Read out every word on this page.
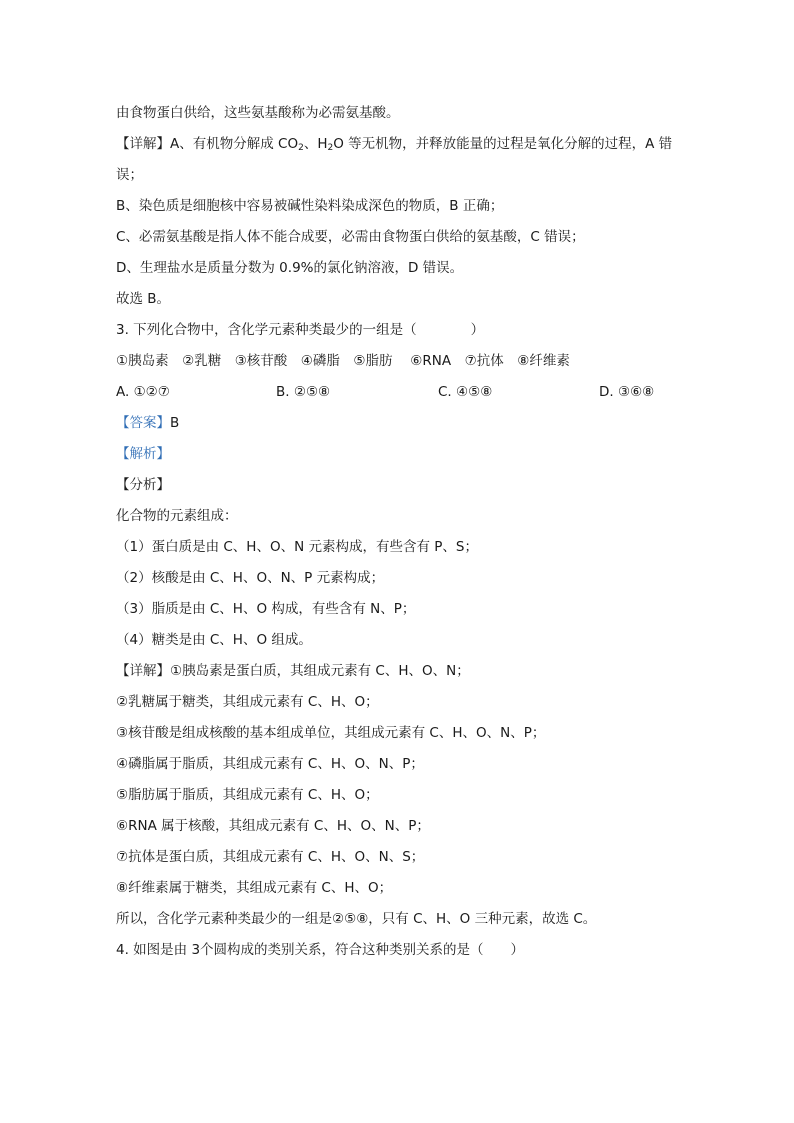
由食物蛋白供给，这些氨基酸称为必需氨基酸。
【详解】A、有机物分解成 $CO_2$、$H_2O$ 等无机物，并释放能量的过程是氧化分解的过程，A 错
误；
B、染色质是细胞核中容易被碱性染料染成深色的物质，B 正确；
C、必需氨基酸是指人体不能合成要，必需由食物蛋白供给的氨基酸，C 错误；
D、生理盐水是质量分数为 0.9%的氯化钠溶液，D 错误。
故选 B。
3. 下列化合物中，含化学元素种类最少的一组是（　　　　）
①胰岛素　②乳糖　③核苷酸　④磷脂　⑤脂肪　 ⑥RNA　⑦抗体　⑧纤维素
A. ①②⑦	B. ②⑤⑧	C. ④⑤⑧	D. ③⑥⑧
【答案】B
【解析】
【分析】
化合物的元素组成：
（1）蛋白质是由 C、H、O、N 元素构成，有些含有 P、S；
（2）核酸是由 C、H、O、N、P 元素构成；
（3）脂质是由 C、H、O 构成，有些含有 N、P；
（4）糖类是由 C、H、O 组成。
【详解】①胰岛素是蛋白质，其组成元素有 C、H、O、N；
②乳糖属于糖类，其组成元素有 C、H、O；
③核苷酸是组成核酸的基本组成单位，其组成元素有 C、H、O、N、P；
④磷脂属于脂质，其组成元素有 C、H、O、N、P；
⑤脂肪属于脂质，其组成元素有 C、H、O；
⑥RNA 属于核酸，其组成元素有 C、H、O、N、P；
⑦抗体是蛋白质，其组成元素有 C、H、O、N、S；
⑧纤维素属于糖类，其组成元素有 C、H、O；
所以，含化学元素种类最少的一组是②⑤⑧，只有 C、H、O 三种元素，故选 C。
4. 如图是由 3个圆构成的类别关系，符合这种类别关系的是（　　）
